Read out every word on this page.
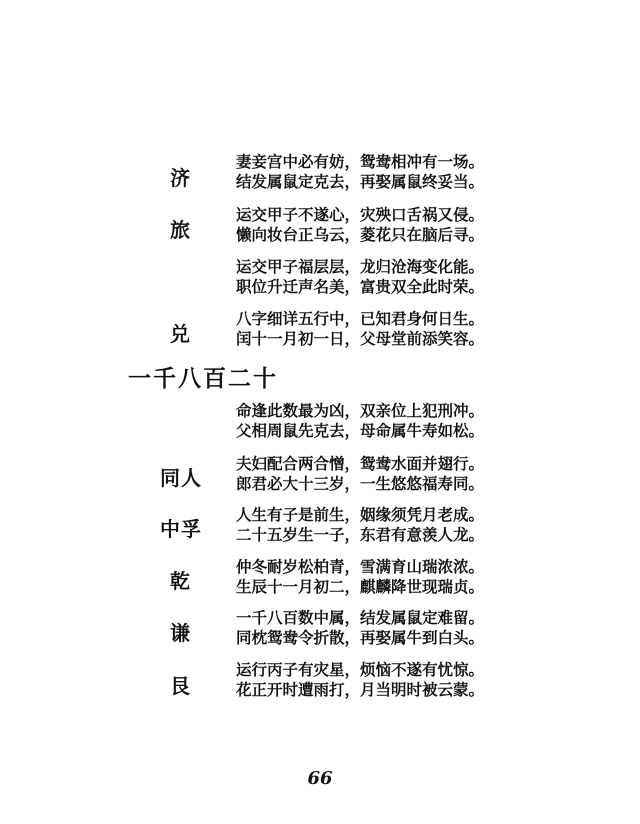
济
妻妾宫中必有妨，鸳鸯相冲有一场。
结发属鼠定克去，再娶属鼠终妥当。
旅
运交甲子不遂心，灾殃口舌祸又侵。
懒向妆台正乌云，菱花只在脑后寻。
运交甲子福层层，龙归沧海变化能。
职位升迁声名美，富贵双全此时荣。
兑
八字细详五行中，已知君身何日生。
闰十一月初一日，父母堂前添笑容。
一千八百二十
命逢此数最为凶，双亲位上犯刑冲。
父相周鼠先克去，母命属牛寿如松。
同人
夫妇配合两合憎，鸳鸯水面并翅行。
郎君必大十三岁，一生悠悠福寿同。
中孚
人生有子是前生，姻缘须凭月老成。
二十五岁生一子，东君有意羡人龙。
乾
仲冬耐岁松柏青，雪满育山瑞浓浓。
生辰十一月初二，麒麟降世现瑞贞。
谦
一千八百数中属，结发属鼠定难留。
同枕鸳鸯令折散，再娶属牛到白头。
艮
运行丙子有灾星，烦恼不遂有忧惊。
花正开时遭雨打，月当明时被云蒙。
66
